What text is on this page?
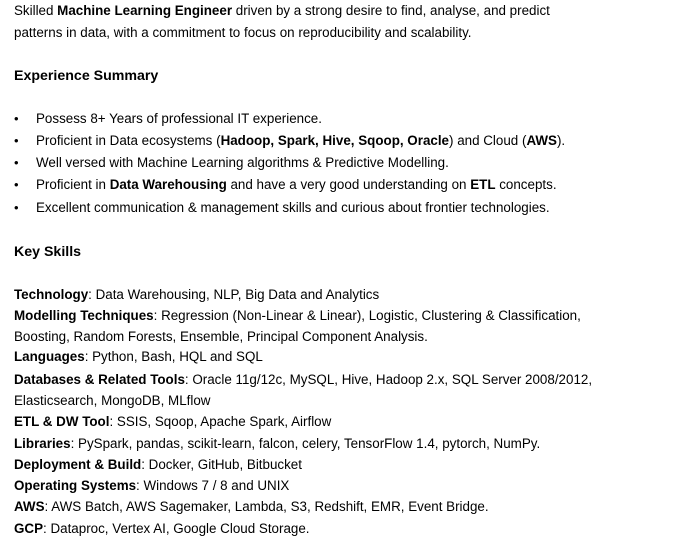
Skilled Machine Learning Engineer driven by a strong desire to find, analyse, and predict
patterns in data, with a commitment to focus on reproducibility and scalability.
Experience Summary
•	Possess 8+ Years of professional IT experience.
•	Proficient in Data ecosystems (Hadoop, Spark, Hive, Sqoop, Oracle) and Cloud (AWS).
•	Well versed with Machine Learning algorithms & Predictive Modelling.
•	Proficient in Data Warehousing and have a very good understanding on ETL concepts.
•	Excellent communication & management skills and curious about frontier technologies.
Key Skills
Technology: Data Warehousing, NLP, Big Data and Analytics
Modelling Techniques: Regression (Non-Linear & Linear), Logistic, Clustering & Classification,
Boosting, Random Forests, Ensemble, Principal Component Analysis.
Languages: Python, Bash, HQL and SQL
Databases & Related Tools: Oracle 11g/12c, MySQL, Hive, Hadoop 2.x, SQL Server 2008/2012,
Elasticsearch, MongoDB, MLflow
ETL & DW Tool: SSIS, Sqoop, Apache Spark, Airflow
Libraries: PySpark, pandas, scikit-learn, falcon, celery, TensorFlow 1.4, pytorch, NumPy.
Deployment & Build: Docker, GitHub, Bitbucket
Operating Systems: Windows 7 / 8 and UNIX
AWS: AWS Batch, AWS Sagemaker, Lambda, S3, Redshift, EMR, Event Bridge.
GCP: Dataproc, Vertex AI, Google Cloud Storage.
